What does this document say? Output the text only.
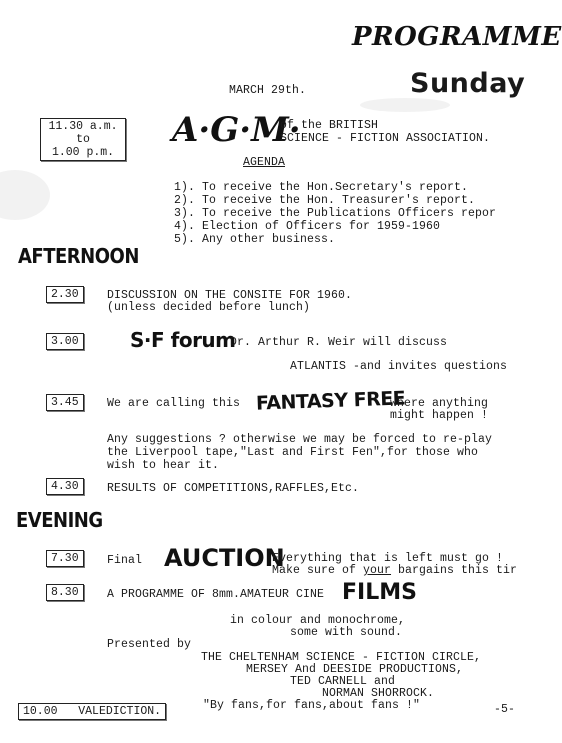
PROGRAMME
MARCH 29th.	Sunday
11.30 a.m.
to
1.00 p.m.
A·G·M·
of the BRITISH
SCIENCE - FICTION ASSOCIATION.
AGENDA
1). To receive the Hon.Secretary's report.
2). To receive the Hon. Treasurer's report.
3). To receive the Publications Officers repor
4). Election of Officers for 1959-1960
5). Any other business.
AFTERNOON
2.30	DISCUSSION ON THE CONSITE FOR 1960.
(unless decided before lunch)
3.00	S·F forum
Dr. Arthur R. Weir will discuss
ATLANTIS -and invites questions
3.45	We are calling this FANTASY FREE
where anything
might happen !
Any suggestions ? otherwise we may be forced to re-play
the Liverpool tape,"Last and First Fen",for those who
wish to hear it.
4.30	RESULTS OF COMPETITIONS,RAFFLES,Etc.
EVENING
7.30	Final AUCTION
Everything that is left must go !
Make sure of your bargains this tir
8.30	A PROGRAMME OF 8mm.AMATEUR CINE FILMS
in colour and monochrome,
some with sound.
Presented by
THE CHELTENHAM SCIENCE - FICTION CIRCLE,
MERSEY And DEESIDE PRODUCTIONS,
TED CARNELL and
NORMAN SHORROCK.
10.00 VALEDICTION.	"By fans,for fans,about fans !"	-5-
